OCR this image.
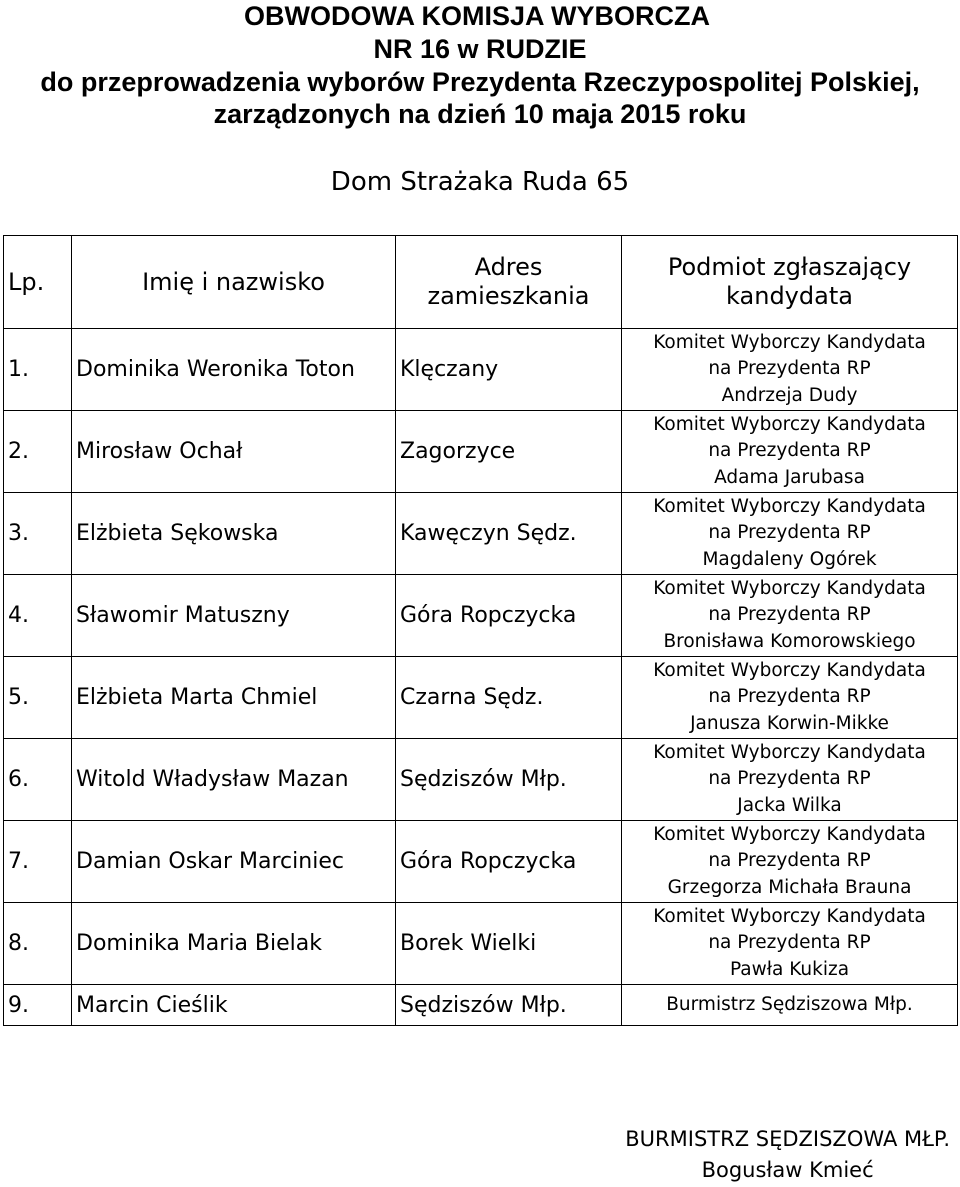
OBWODOWA KOMISJA WYBORCZA
NR 16 w RUDZIE
do przeprowadzenia wyborów Prezydenta Rzeczypospolitej Polskiej,
zarządzonych na dzień 10 maja 2015 roku
Dom Strażaka Ruda 65
Lp.	Imię i nazwisko	Adres zamieszkania	Podmiot zgłaszający kandydata
1.	Dominika Weronika Toton	Klęczany	Komitet Wyborczy Kandydata
na Prezydenta RP
Andrzeja Dudy

2.	Mirosław Ochał	Zagorzyce	Komitet Wyborczy Kandydata
na Prezydenta RP
Adama Jarubasa

3.	Elżbieta Sękowska	Kawęczyn Sędz.	Komitet Wyborczy Kandydata
na Prezydenta RP
Magdaleny Ogórek

4.	Sławomir Matuszny	Góra Ropczycka	Komitet Wyborczy Kandydata
na Prezydenta RP
Bronisława Komorowskiego

5.	Elżbieta Marta Chmiel	Czarna Sędz.	Komitet Wyborczy Kandydata
na Prezydenta RP
Janusza Korwin-Mikke

6.	Witold Władysław Mazan	Sędziszów Młp.	Komitet Wyborczy Kandydata
na Prezydenta RP
Jacka Wilka

7.	Damian Oskar Marciniec	Góra Ropczycka	Komitet Wyborczy Kandydata
na Prezydenta RP
Grzegorza Michała Brauna

8.	Dominika Maria Bielak	Borek Wielki	Komitet Wyborczy Kandydata
na Prezydenta RP
Pawła Kukiza

9.	Marcin Cieślik	Sędziszów Młp.	Burmistrz Sędziszowa Młp.
BURMISTRZ SĘDZISZOWA MŁP.
Bogusław Kmieć
